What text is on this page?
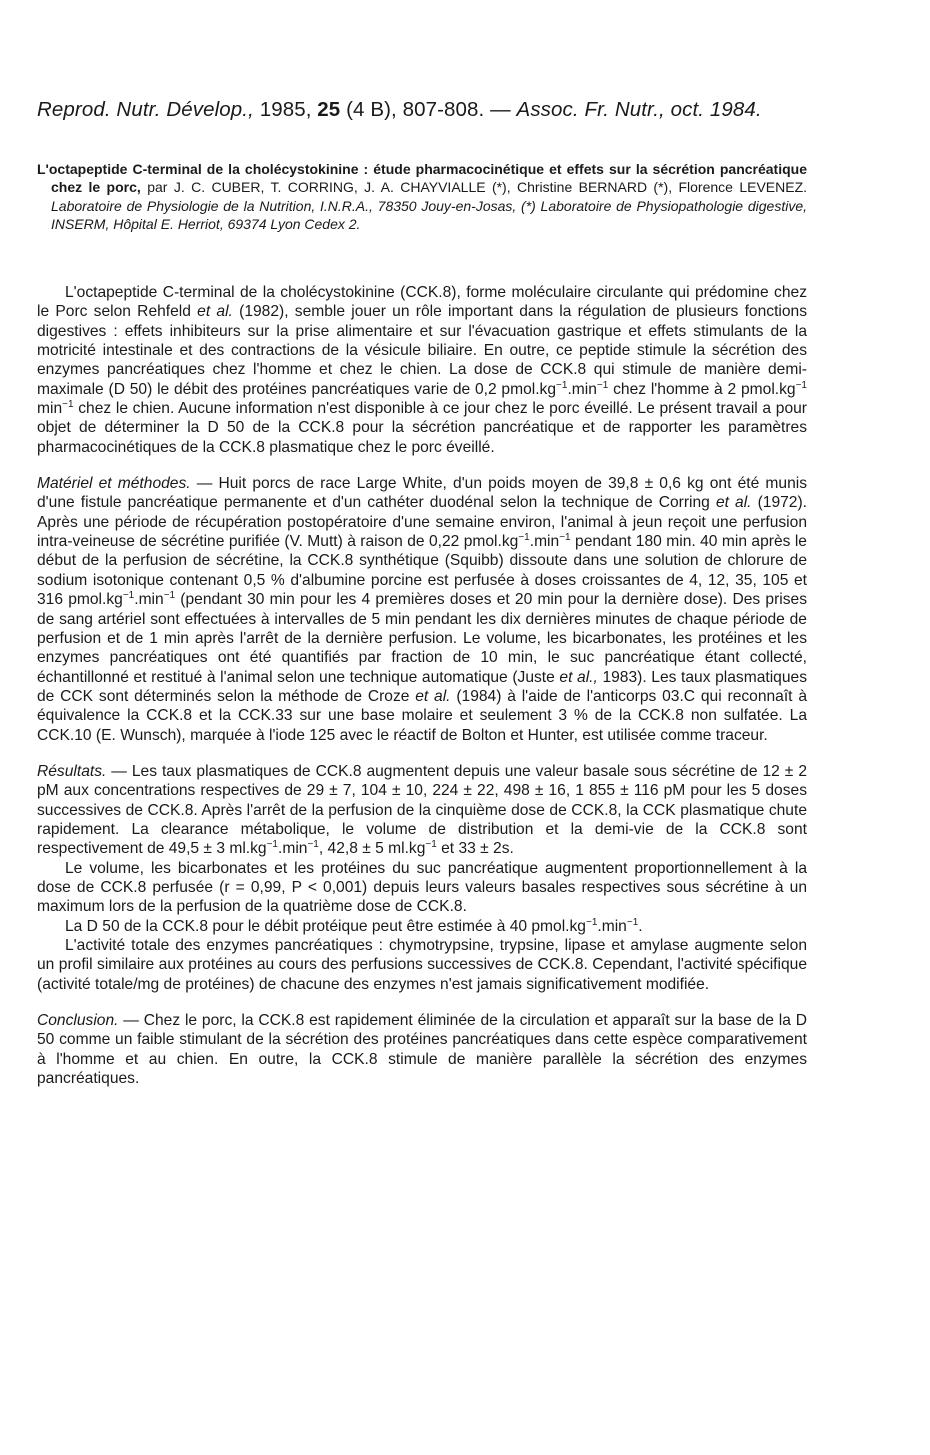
Reprod. Nutr. Dévelop., 1985, 25 (4 B), 807-808. — Assoc. Fr. Nutr., oct. 1984.
L'octapeptide C-terminal de la cholécystokinine : étude pharmacocinétique et effets sur la sécrétion pancréatique chez le porc, par J. C. CUBER, T. CORRING, J. A. CHAYVIALLE (*), Christine BERNARD (*), Florence LEVENEZ. Laboratoire de Physiologie de la Nutrition, I.N.R.A., 78350 Jouy-en-Josas, (*) Laboratoire de Physiopathologie digestive, INSERM, Hôpital E. Herriot, 69374 Lyon Cedex 2.

L'octapeptide C-terminal de la cholécystokinine (CCK.8), forme moléculaire circulante qui prédomine chez le Porc selon Rehfeld et al. (1982), semble jouer un rôle important dans la régulation de plusieurs fonctions digestives : effets inhibiteurs sur la prise alimentaire et sur l'évacuation gastrique et effets stimulants de la motricité intestinale et des contractions de la vésicule biliaire. En outre, ce peptide stimule la sécrétion des enzymes pancréatiques chez l'homme et chez le chien. La dose de CCK.8 qui stimule de manière demi-maximale (D 50) le débit des protéines pancréatiques varie de 0,2 $pmol.kg^{-1}.\min^{-1}$ chez l'homme à 2 $pmol.kg^{-1}$ $\min^{-1}$ chez le chien. Aucune information n'est disponible à ce jour chez le porc éveillé. Le présent travail a pour objet de déterminer la D 50 de la CCK.8 pour la sécrétion pancréatique et de rapporter les paramètres pharmacocinétiques de la CCK.8 plasmatique chez le porc éveillé.

Matériel et méthodes. — Huit porcs de race Large White, d'un poids moyen de 39,8 ± 0,6 kg ont été munis d'une fistule pancréatique permanente et d'un cathéter duodénal selon la technique de Corring et al. (1972). Après une période de récupération postopératoire d'une semaine environ, l'animal à jeun reçoit une perfusion intra-veineuse de sécrétine purifiée (V. Mutt) à raison de 0,22 $pmol.kg^{-1}.\min^{-1}$ pendant 180 min. 40 min après le début de la perfusion de sécrétine, la CCK.8 synthétique (Squibb) dissoute dans une solution de chlorure de sodium isotonique contenant 0,5 % d'albumine porcine est perfusée à doses croissantes de 4, 12, 35, 105 et 316 $pmol.kg^{-1}.\min^{-1}$ (pendant 30 min pour les 4 premières doses et 20 min pour la dernière dose). Des prises de sang artériel sont effectuées à intervalles de 5 min pendant les dix dernières minutes de chaque période de perfusion et de 1 min après l'arrêt de la dernière perfusion. Le volume, les bicarbonates, les protéines et les enzymes pancréatiques ont été quantifiés par fraction de 10 min, le suc pancréatique étant collecté, échantillonné et restitué à l'animal selon une technique automatique (Juste et al., 1983). Les taux plasmatiques de CCK sont déterminés selon la méthode de Croze et al. (1984) à l'aide de l'anticorps 03.C qui reconnaît à équivalence la CCK.8 et la CCK.33 sur une base molaire et seulement 3 % de la CCK.8 non sulfatée. La CCK.10 (E. Wunsch), marquée à l'iode 125 avec le réactif de Bolton et Hunter, est utilisée comme traceur.

Résultats. — Les taux plasmatiques de CCK.8 augmentent depuis une valeur basale sous sécrétine de 12 ± 2 pM aux concentrations respectives de 29 ± 7, 104 ± 10, 224 ± 22, 498 ± 16, 1 855 ± 116 pM pour les 5 doses successives de CCK.8. Après l'arrêt de la perfusion de la cinquième dose de CCK.8, la CCK plasmatique chute rapidement. La clearance métabolique, le volume de distribution et la demi-vie de la CCK.8 sont respectivement de 49,5 ± 3 $ml.kg^{-1}.\min^{-1}$, 42,8 ± 5 $ml.kg^{-1}$ et 33 ± 2s.

Le volume, les bicarbonates et les protéines du suc pancréatique augmentent proportionnellement à la dose de CCK.8 perfusée (r = 0,99, P < 0,001) depuis leurs valeurs basales respectives sous sécrétine à un maximum lors de la perfusion de la quatrième dose de CCK.8.

La D 50 de la CCK.8 pour le débit protéique peut être estimée à 40 $pmol.kg^{-1}.\min^{-1}$.

L'activité totale des enzymes pancréatiques : chymotrypsine, trypsine, lipase et amylase augmente selon un profil similaire aux protéines au cours des perfusions successives de CCK.8. Cependant, l'activité spécifique (activité totale/mg de protéines) de chacune des enzymes n'est jamais significativement modifiée.

Conclusion. — Chez le porc, la CCK.8 est rapidement éliminée de la circulation et apparaît sur la base de la D 50 comme un faible stimulant de la sécrétion des protéines pancréatiques dans cette espèce comparativement à l'homme et au chien. En outre, la CCK.8 stimule de manière parallèle la sécrétion des enzymes pancréatiques.
